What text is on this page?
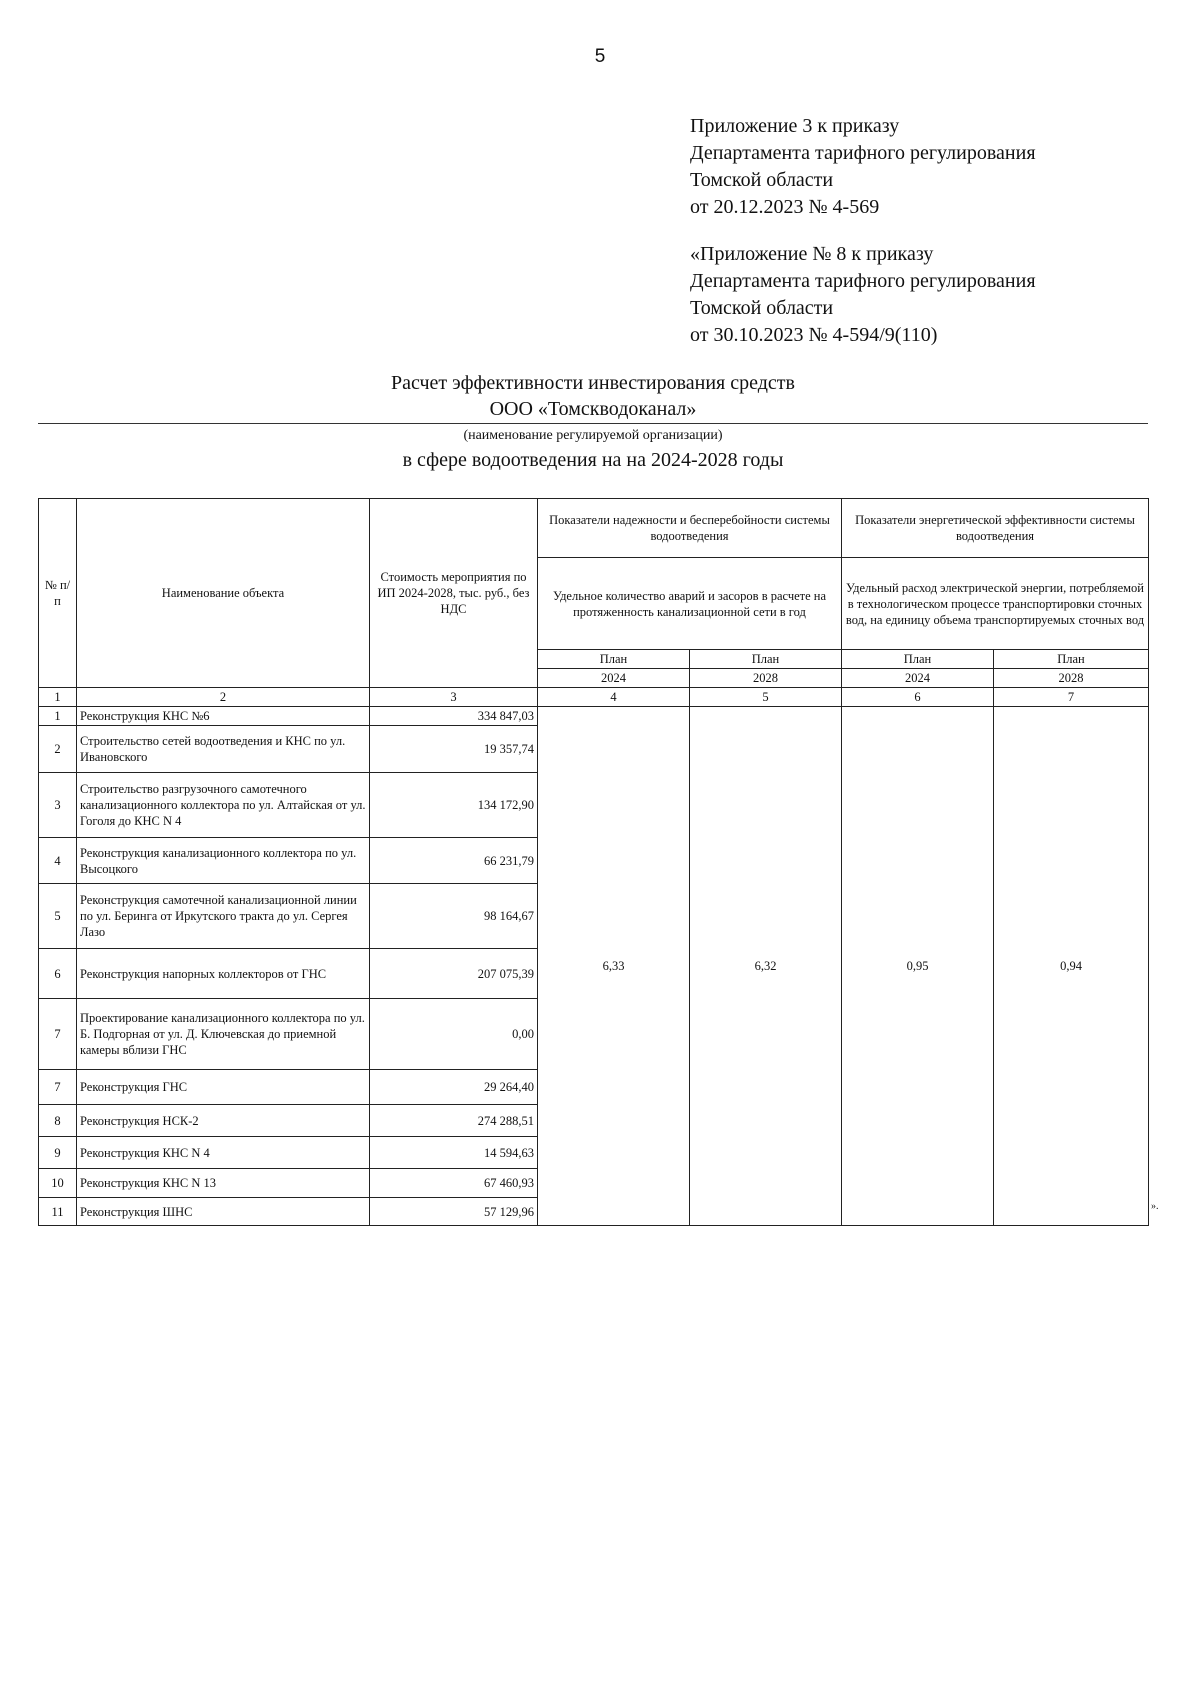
5
Приложение 3 к приказу
Департамента тарифного регулирования
Томской области
от 20.12.2023 № 4-569
«Приложение № 8 к приказу
Департамента тарифного регулирования
Томской области
от 30.10.2023 № 4-594/9(110)
Расчет эффективности инвестирования средств
ООО «Томскводоканал»
(наименование регулируемой организации)
в сфере водоотведения на на 2024-2028 годы
№ п/п	Наименование объекта	Стоимость мероприятия по ИП 2024-2028, тыс. руб., без НДС	Показатели надежности и бесперебойности системы водоотведения		Показатели энергетической эффективности системы водоотведения	
			Удельное количество аварий и засоров в расчете на протяженность канализационной сети в год		Удельный расход электрической энергии, потребляемой в технологическом процессе транспортировки сточных вод, на единицу объема транспортируемых сточных вод	
			План	План	План	План
			2024	2028	2024	2028

1	2	3	4	5	6	7
1	Реконструкция КНС №6	334 847,03	6,33	6,32	0,95	0,94
2	Строительство сетей водоотведения и КНС по ул. Ивановского	19 357,74				
3	Строительство разгрузочного самотечного канализационного коллектора по ул. Алтайская от ул. Гоголя до КНС N 4	134 172,90				
4	Реконструкция канализационного коллектора по ул. Высоцкого	66 231,79				
5	Реконструкция самотечной канализационной линии по ул. Беринга от Иркутского тракта до ул. Сергея Лазо	98 164,67				
6	Реконструкция напорных коллекторов от ГНС	207 075,39				
7	Проектирование канализационного коллектора по ул. Б. Подгорная от ул. Д. Ключевская до приемной камеры вблизи ГНС	0,00				
7	Реконструкция ГНС	29 264,40				
8	Реконструкция НСК-2	274 288,51				
9	Реконструкция КНС N 4	14 594,63				
10	Реконструкция КНС N 13	67 460,93				
11	Реконструкция ШНС	57 129,96					».
